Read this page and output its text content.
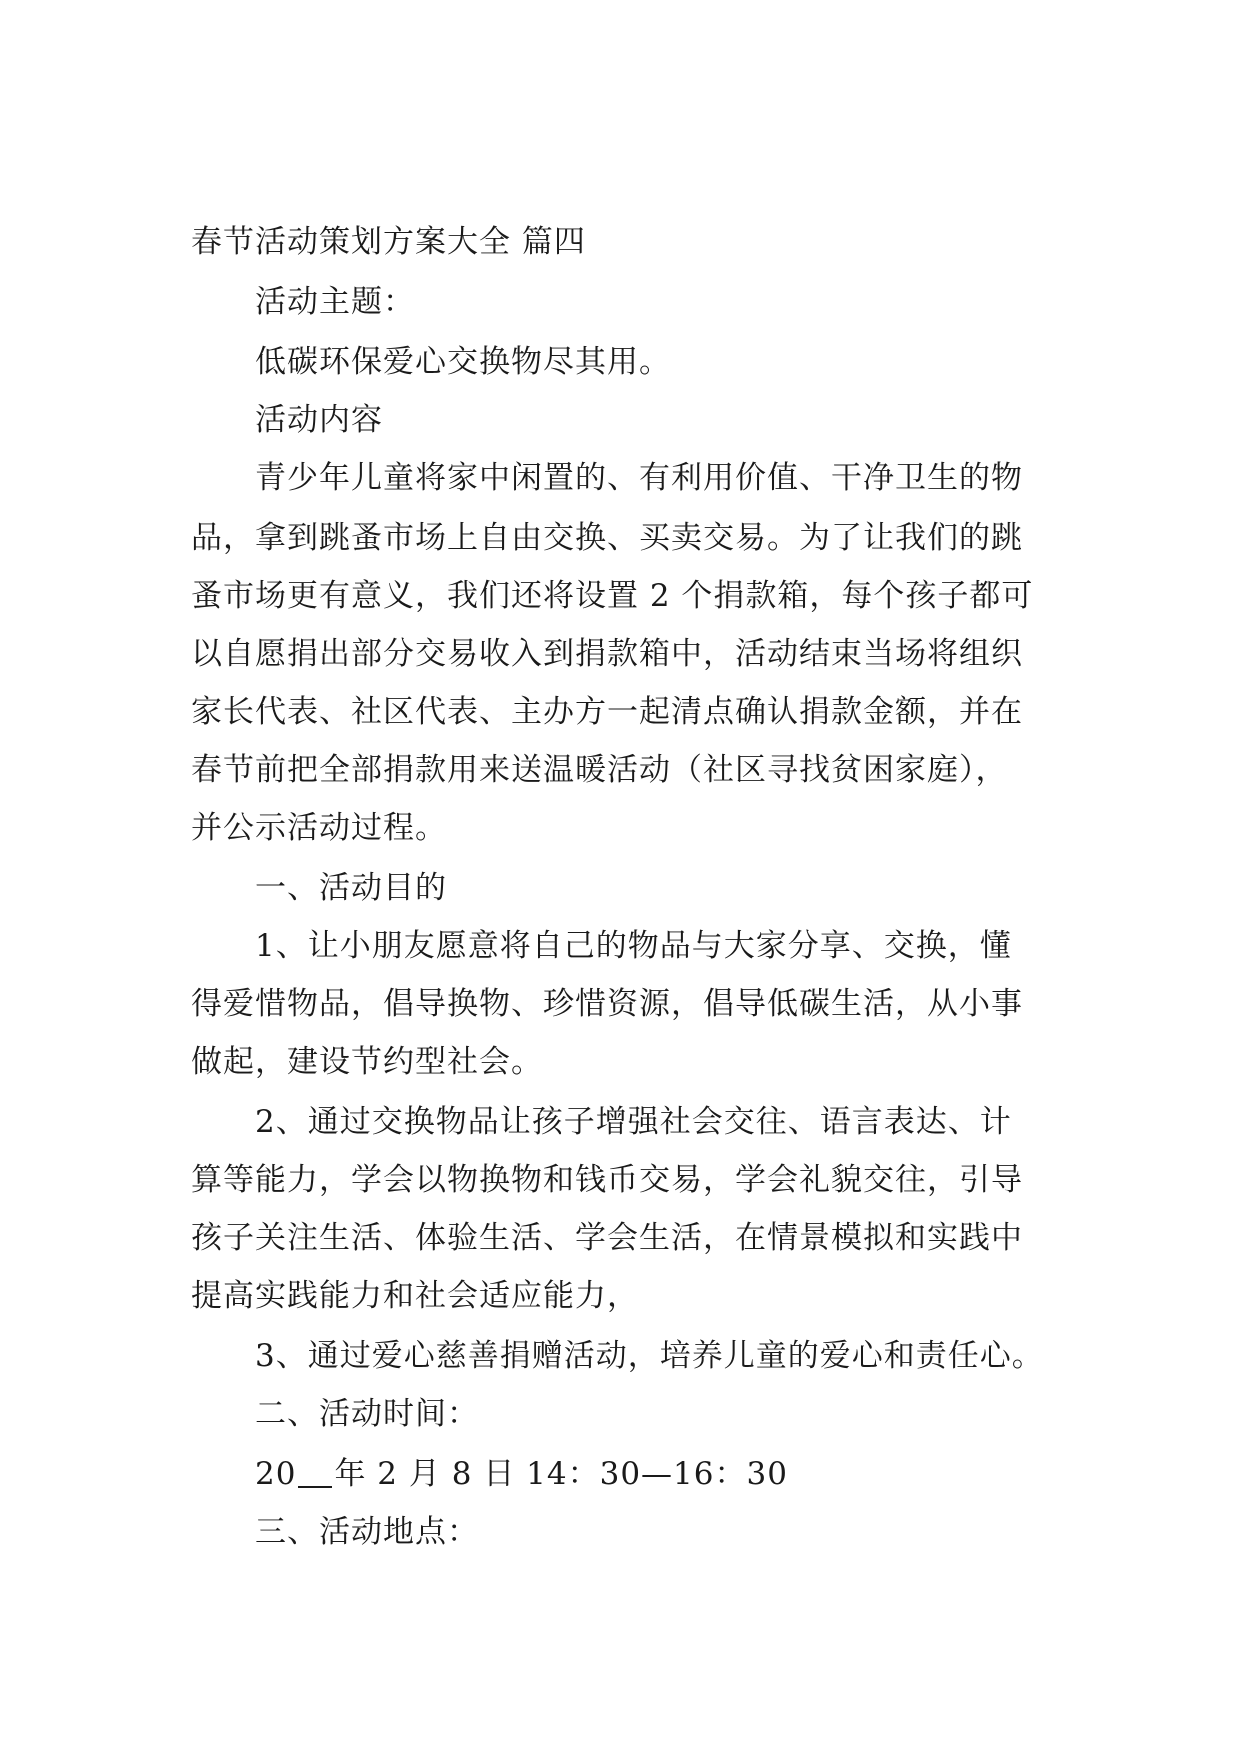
春节活动策划方案大全 篇四
活动主题：
低碳环保爱心交换物尽其用。
活动内容
青少年儿童将家中闲置的、有利用价值、干净卫生的物
品，拿到跳蚤市场上自由交换、买卖交易。为了让我们的跳
蚤市场更有意义，我们还将设置 2 个捐款箱，每个孩子都可
以自愿捐出部分交易收入到捐款箱中，活动结束当场将组织
家长代表、社区代表、主办方一起清点确认捐款金额，并在
春节前把全部捐款用来送温暖活动（社区寻找贫困家庭），
并公示活动过程。
一、活动目的
1、让小朋友愿意将自己的物品与大家分享、交换，懂
得爱惜物品，倡导换物、珍惜资源，倡导低碳生活，从小事
做起，建设节约型社会。
2、通过交换物品让孩子增强社会交往、语言表达、计
算等能力，学会以物换物和钱币交易，学会礼貌交往，引导
孩子关注生活、体验生活、学会生活，在情景模拟和实践中
提高实践能力和社会适应能力，
3、通过爱心慈善捐赠活动，培养儿童的爱心和责任心。
二、活动时间：
20 年 2 月 8 日 14：30—16：30
三、活动地点：
